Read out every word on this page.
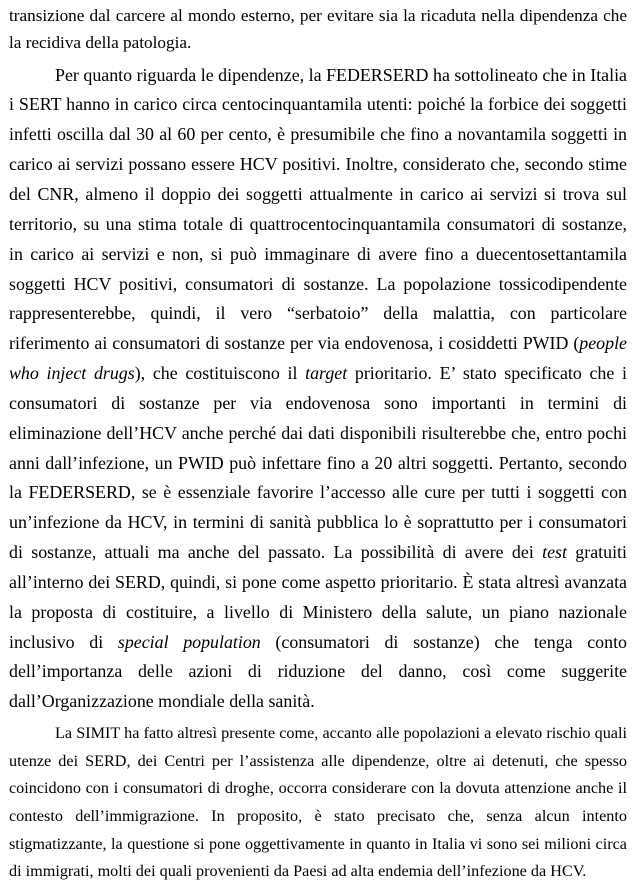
transizione dal carcere al mondo esterno, per evitare sia la ricaduta nella dipendenza che la recidiva della patologia.

Per quanto riguarda le dipendenze, la FEDERSERD ha sottolineato che in Italia i SERT hanno in carico circa centocinquantamila utenti: poiché la forbice dei soggetti infetti oscilla dal 30 al 60 per cento, è presumibile che fino a novantamila soggetti in carico ai servizi possano essere HCV positivi. Inoltre, considerato che, secondo stime del CNR, almeno il doppio dei soggetti attualmente in carico ai servizi si trova sul territorio, su una stima totale di quattrocentocinquantamila consumatori di sostanze, in carico ai servizi e non, si può immaginare di avere fino a duecentosettantamila soggetti HCV positivi, consumatori di sostanze. La popolazione tossicodipendente rappresenterebbe, quindi, il vero “serbatoio” della malattia, con particolare riferimento ai consumatori di sostanze per via endovenosa, i cosiddetti PWID (people who inject drugs), che costituiscono il target prioritario. E’ stato specificato che i consumatori di sostanze per via endovenosa sono importanti in termini di eliminazione dell’HCV anche perché dai dati disponibili risulterebbe che, entro pochi anni dall’infezione, un PWID può infettare fino a 20 altri soggetti. Pertanto, secondo la FEDERSERD, se è essenziale favorire l’accesso alle cure per tutti i soggetti con un’infezione da HCV, in termini di sanità pubblica lo è soprattutto per i consumatori di sostanze, attuali ma anche del passato. La possibilità di avere dei test gratuiti all’interno dei SERD, quindi, si pone come aspetto prioritario. È stata altresì avanzata la proposta di costituire, a livello di Ministero della salute, un piano nazionale inclusivo di special population (consumatori di sostanze) che tenga conto dell’importanza delle azioni di riduzione del danno, così come suggerite dall’Organizzazione mondiale della sanità.

La SIMIT ha fatto altresì presente come, accanto alle popolazioni a elevato rischio quali utenze dei SERD, dei Centri per l’assistenza alle dipendenze, oltre ai detenuti, che spesso coincidono con i consumatori di droghe, occorra considerare con la dovuta attenzione anche il contesto dell’immigrazione. In proposito, è stato precisato che, senza alcun intento stigmatizzante, la questione si pone oggettivamente in quanto in Italia vi sono sei milioni circa di immigrati, molti dei quali provenienti da Paesi ad alta endemia dell’infezione da HCV.
